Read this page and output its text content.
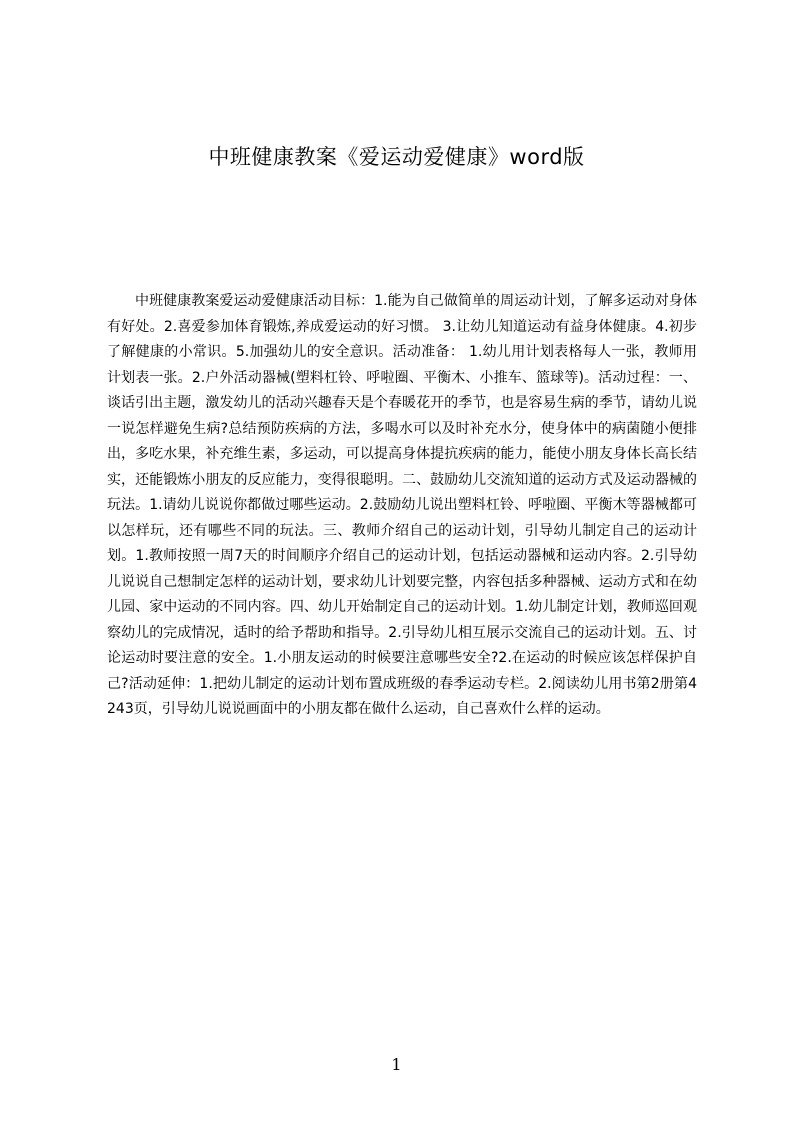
中班健康教案《爱运动爱健康》word版
中班健康教案爱运动爱健康活动目标：1.能为自己做简单的周运动计划，了解多运动对身体有好处。2.喜爱参加体育锻炼,养成爱运动的好习惯。 3.让幼儿知道运动有益身体健康。4.初步了解健康的小常识。5.加强幼儿的安全意识。活动准备： 1.幼儿用计划表格每人一张，教师用计划表一张。2.户外活动器械(塑料杠铃、呼啦圈、平衡木、小推车、篮球等)。活动过程：一、谈话引出主题，激发幼儿的活动兴趣春天是个春暖花开的季节，也是容易生病的季节，请幼儿说一说怎样避免生病?总结预防疾病的方法，多喝水可以及时补充水分，使身体中的病菌随小便排出，多吃水果，补充维生素，多运动，可以提高身体提抗疾病的能力，能使小朋友身体长高长结实，还能锻炼小朋友的反应能力，变得很聪明。二、鼓励幼儿交流知道的运动方式及运动器械的玩法。1.请幼儿说说你都做过哪些运动。2.鼓励幼儿说出塑料杠铃、呼啦圈、平衡木等器械都可以怎样玩，还有哪些不同的玩法。三、教师介绍自己的运动计划，引导幼儿制定自己的运动计划。1.教师按照一周7天的时间顺序介绍自己的运动计划，包括运动器械和运动内容。2.引导幼儿说说自己想制定怎样的运动计划，要求幼儿计划要完整，内容包括多种器械、运动方式和在幼儿园、家中运动的不同内容。四、幼儿开始制定自己的运动计划。1.幼儿制定计划，教师巡回观察幼儿的完成情况，适时的给予帮助和指导。2.引导幼儿相互展示交流自己的运动计划。五、讨论运动时要注意的安全。1.小朋友运动的时候要注意哪些安全?2.在运动的时候应该怎样保护自己?活动延伸：1.把幼儿制定的运动计划布置成班级的春季运动专栏。2.阅读幼儿用书第2册第4243页，引导幼儿说说画面中的小朋友都在做什么运动，自己喜欢什么样的运动。
1
